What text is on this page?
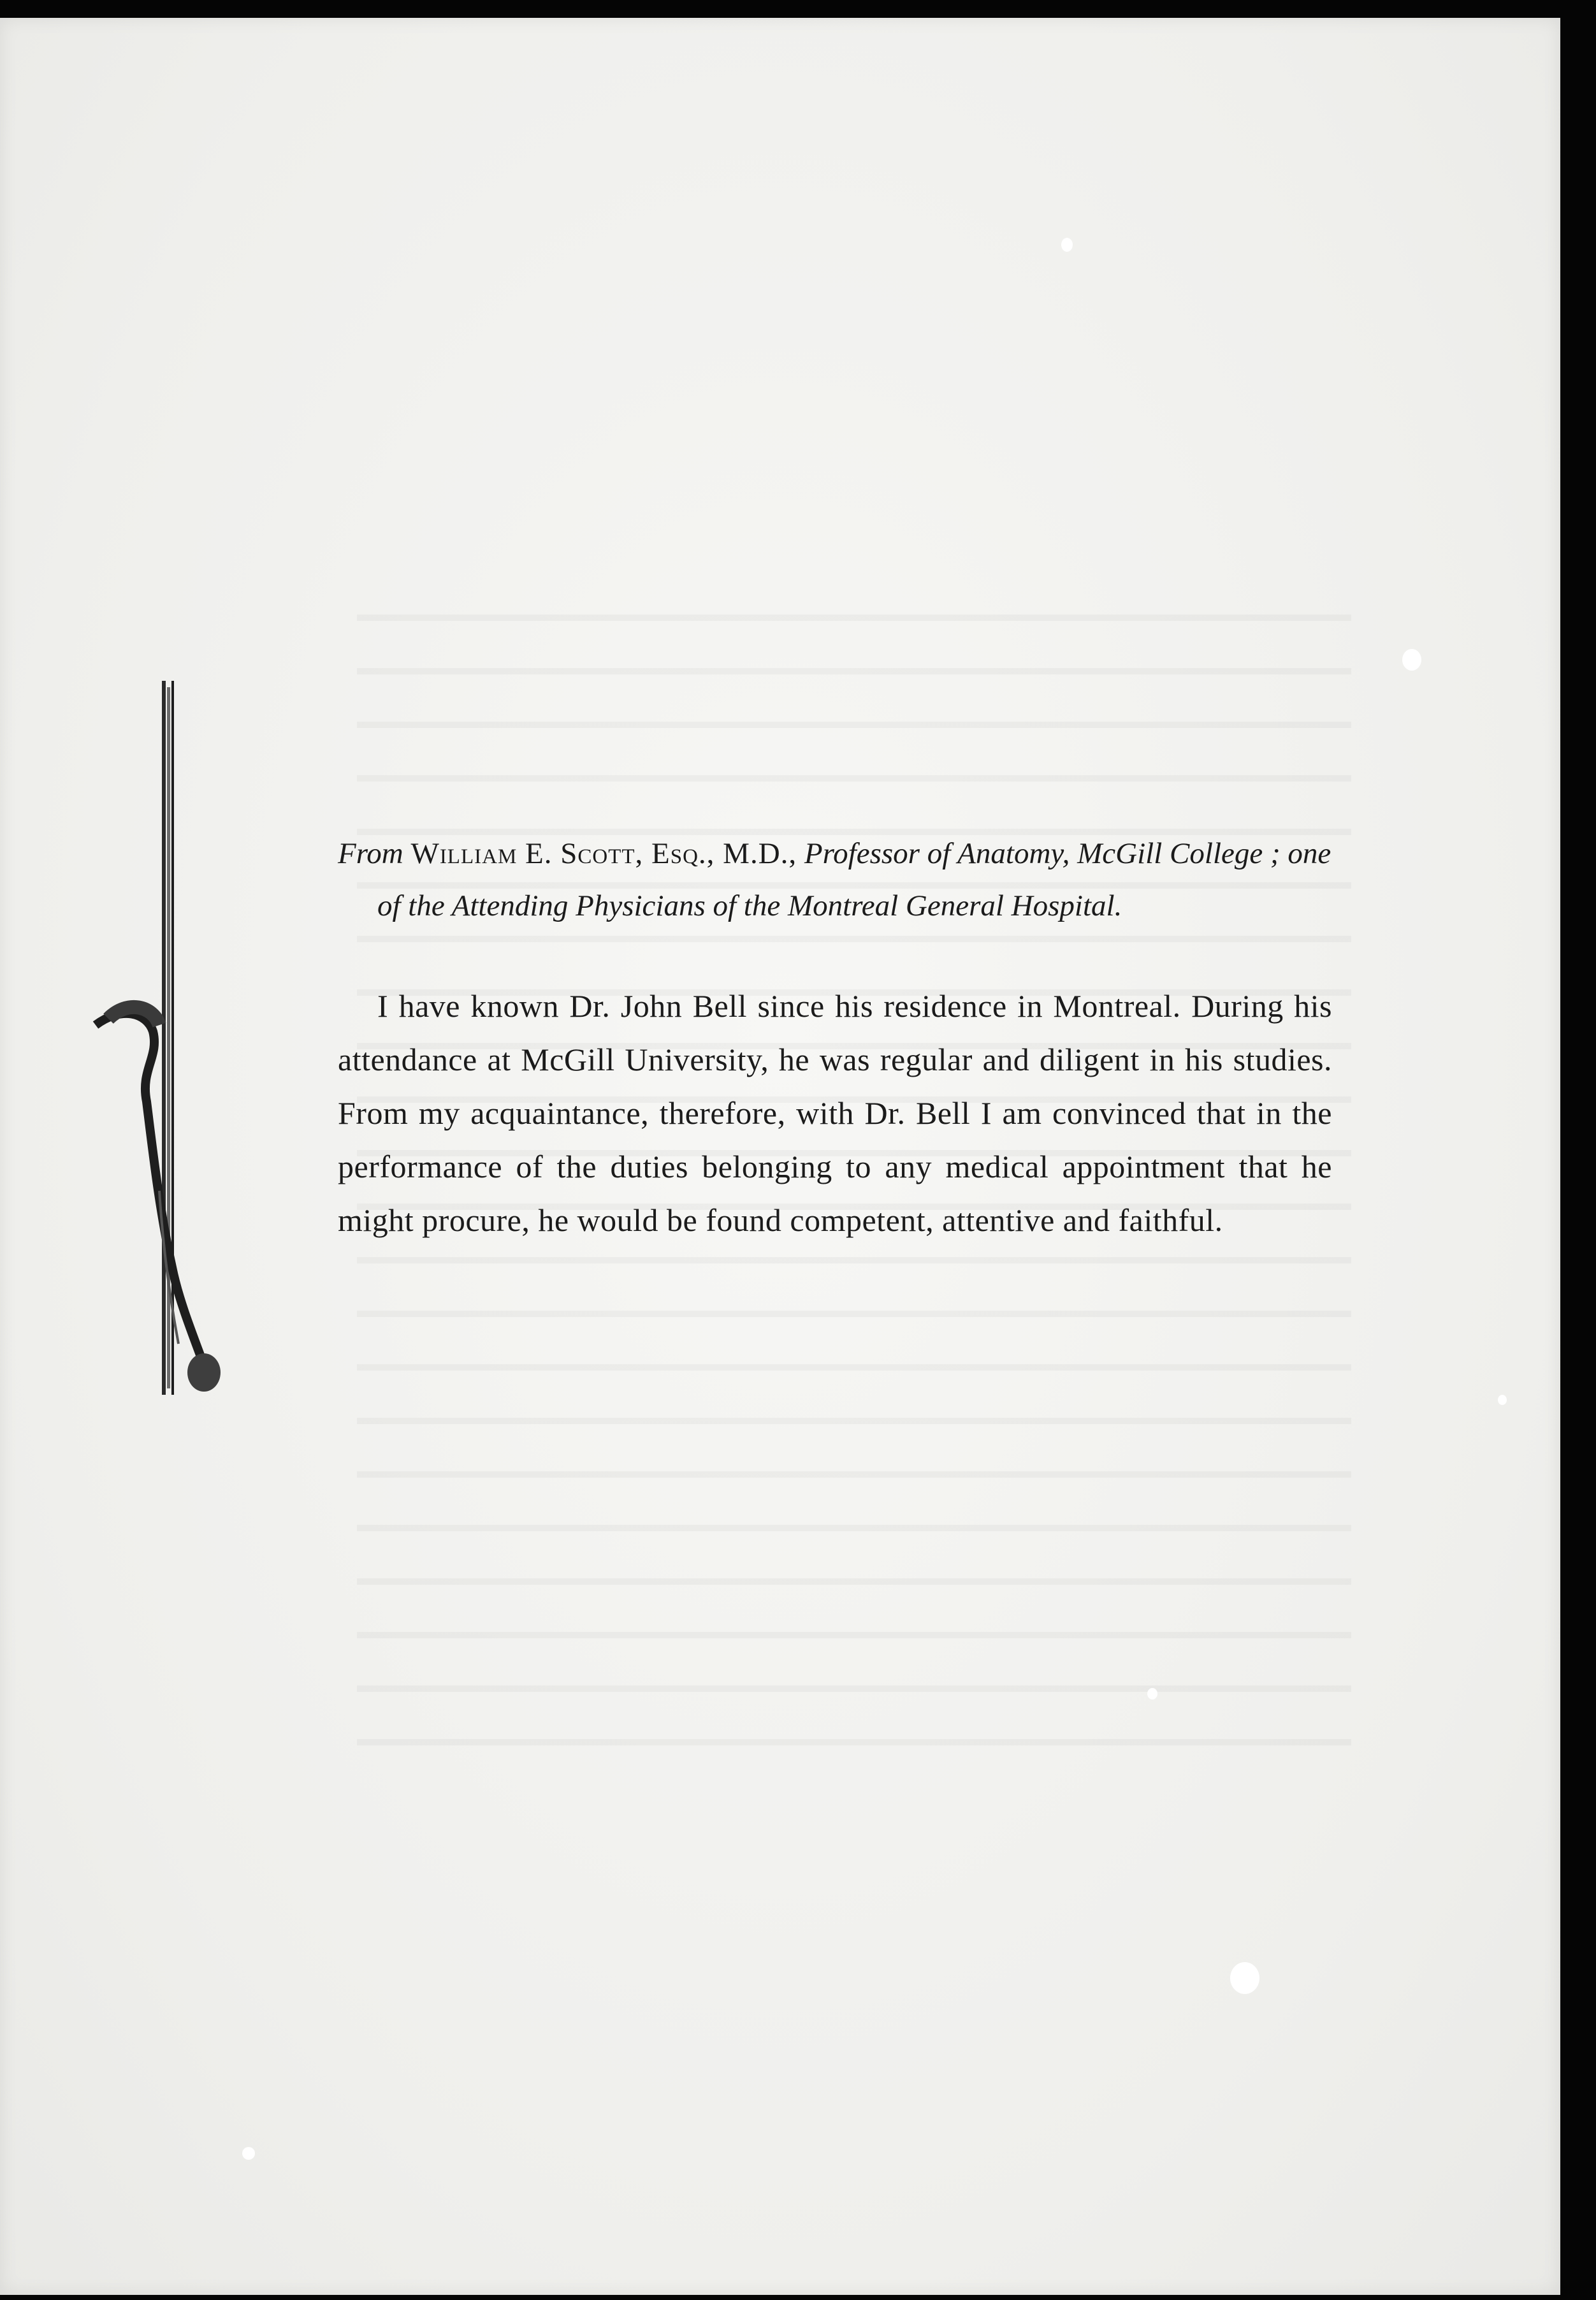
From William E. Scott, Esq., M.D., Professor of Anatomy, McGill College ; one of the Attending Physicians of the Montreal General Hospital.

I have known Dr. John Bell since his residence in Montreal. During his attendance at McGill University, he was regular and diligent in his studies. From my acquaintance, therefore, with Dr. Bell I am convinced that in the performance of the duties belonging to any medical appointment that he might procure, he would be found competent, attentive and faithful.
